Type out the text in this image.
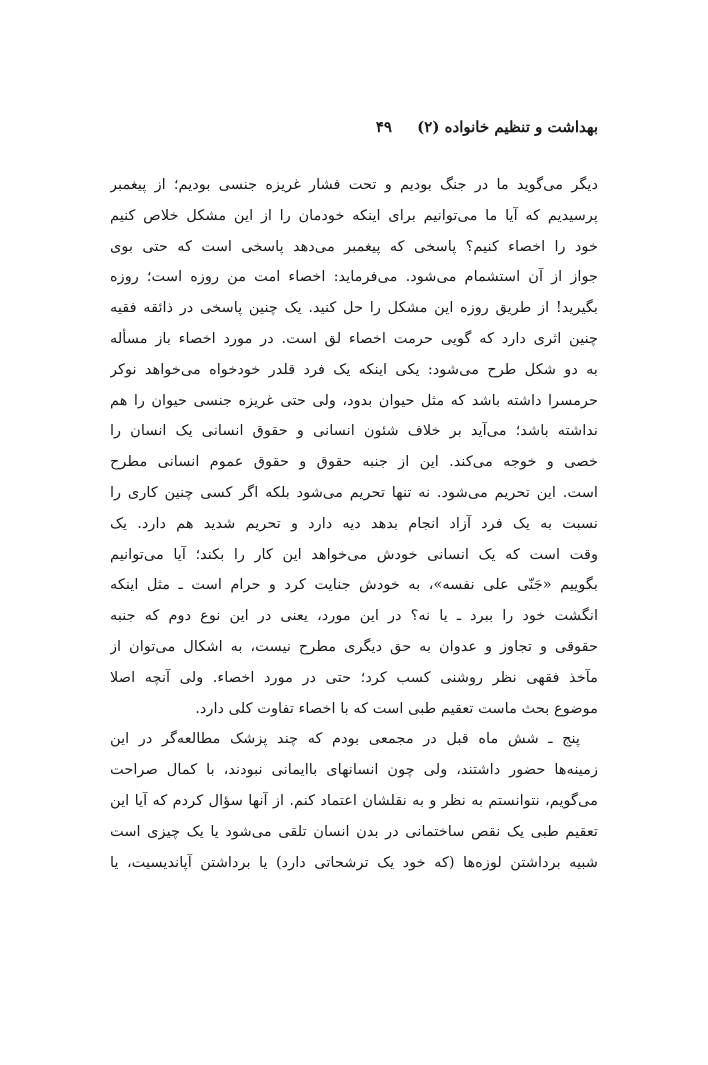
بهداشت و تنظیم خانواده (۲) ۴۹
دیگر می‌گوید ما در جنگ بودیم و تحت فشار غریزه جنسی بودیم؛ از پیغمبر
پرسیدیم که آیا ما می‌توانیم برای اینکه خودمان را از این مشکل خلاص کنیم
خود را اخصاء کنیم؟ پاسخی که پیغمبر می‌دهد پاسخی است که حتی بوی
جواز از آن استشمام می‌شود. می‌فرماید: اخصاء امت من روزه است؛ روزه
بگیرید! از طریق روزه این مشکل را حل کنید. یک چنین پاسخی در ذائقه فقیه
چنین اثری دارد که گویی حرمت اخصاء لق است. در مورد اخصاء باز مسأله
به دو شکل طرح می‌شود: یکی اینکه یک فرد قلدر خودخواه می‌خواهد نوکر
حرمسرا داشته باشد که مثل حیوان بدود، ولی حتی غریزه جنسی حیوان را هم
نداشته باشد؛ می‌آید بر خلاف شئون انسانی و حقوق انسانی یک انسان را
خصی و خوجه می‌کند. این از جنبه حقوق و حقوق عموم انسانی مطرح
است. این تحریم می‌شود. نه تنها تحریم می‌شود بلکه اگر کسی چنین کاری را
نسبت به یک فرد آزاد انجام بدهد دیه دارد و تحریم شدید هم دارد. یک
وقت است که یک انسانی خودش می‌خواهد این کار را بکند؛ آیا می‌توانیم
بگوییم «جَنّی علی نفسه»، به خودش جنایت کرد و حرام است ـ مثل اینکه
انگشت خود را ببرد ـ یا نه؟ در این مورد، یعنی در این نوع دوم که جنبه
حقوقی و تجاوز و عدوان به حق دیگری مطرح نیست، به اشکال می‌توان از
مآخذ فقهی نظر روشنی کسب کرد؛ حتی در مورد اخصاء. ولی آنچه اصلا
موضوع بحث ماست تعقیم طبی است که با اخصاء تفاوت کلی دارد.
پنج ـ شش ماه قبل در مجمعی بودم که چند پزشک مطالعه‌گر در این
زمینه‌ها حضور داشتند، ولی چون انسانهای باایمانی نبودند، با کمال صراحت
می‌گویم، نتوانستم به نظر و به نقلشان اعتماد کنم. از آنها سؤال کردم که آیا این
تعقیم طبی یک نقص ساختمانی در بدن انسان تلقی می‌شود یا یک چیزی است
شبیه برداشتن لوزه‌ها (که خود یک ترشحاتی دارد) یا برداشتن آپاندیسیت، یا
